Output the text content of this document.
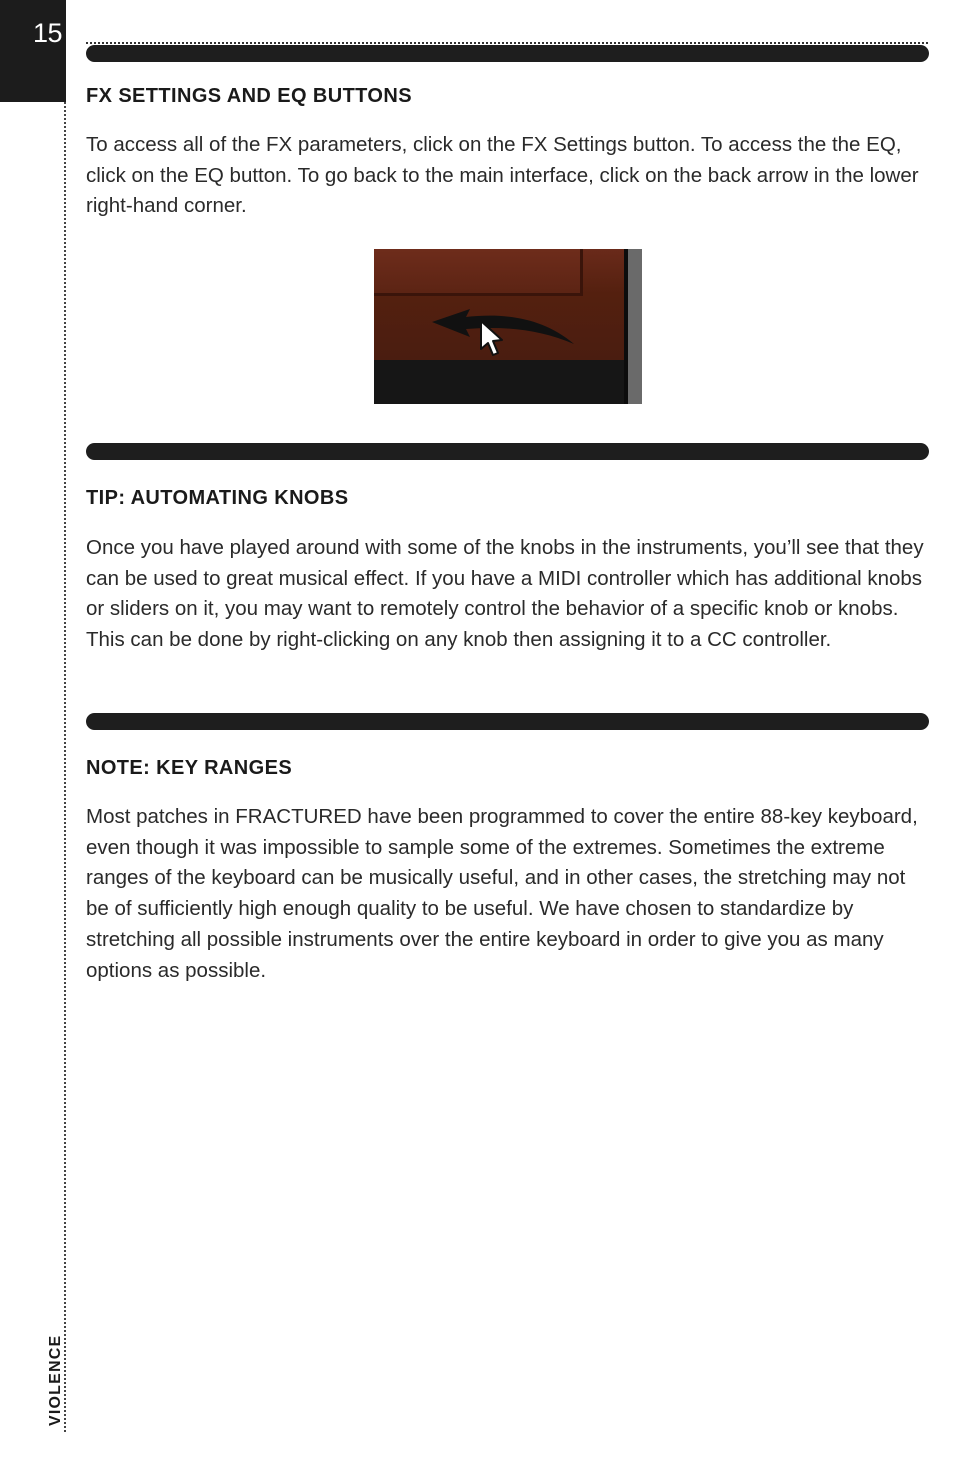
15
VIOLENCE
FX SETTINGS AND EQ BUTTONS

To access all of the FX parameters, click on the FX Settings button. To access the the EQ, click on the EQ button. To go back to the main interface, click on the back arrow in the lower right-hand corner.

TIP: AUTOMATING KNOBS

Once you have played around with some of the knobs in the instruments, you’ll see that they can be used to great musical effect. If you have a MIDI controller which has additional knobs or sliders on it, you may want to remotely control the behavior of a specific knob or knobs. This can be done by right-clicking on any knob then assigning it to a CC controller.

NOTE: KEY RANGES

Most patches in FRACTURED have been programmed to cover the entire 88-key keyboard, even though it was impossible to sample some of the extremes. Sometimes the extreme ranges of the keyboard can be musically useful, and in other cases, the stretching may not be of sufficiently high enough quality to be useful. We have chosen to standardize by stretching all possible instruments over the entire keyboard in order to give you as many options as possible.
